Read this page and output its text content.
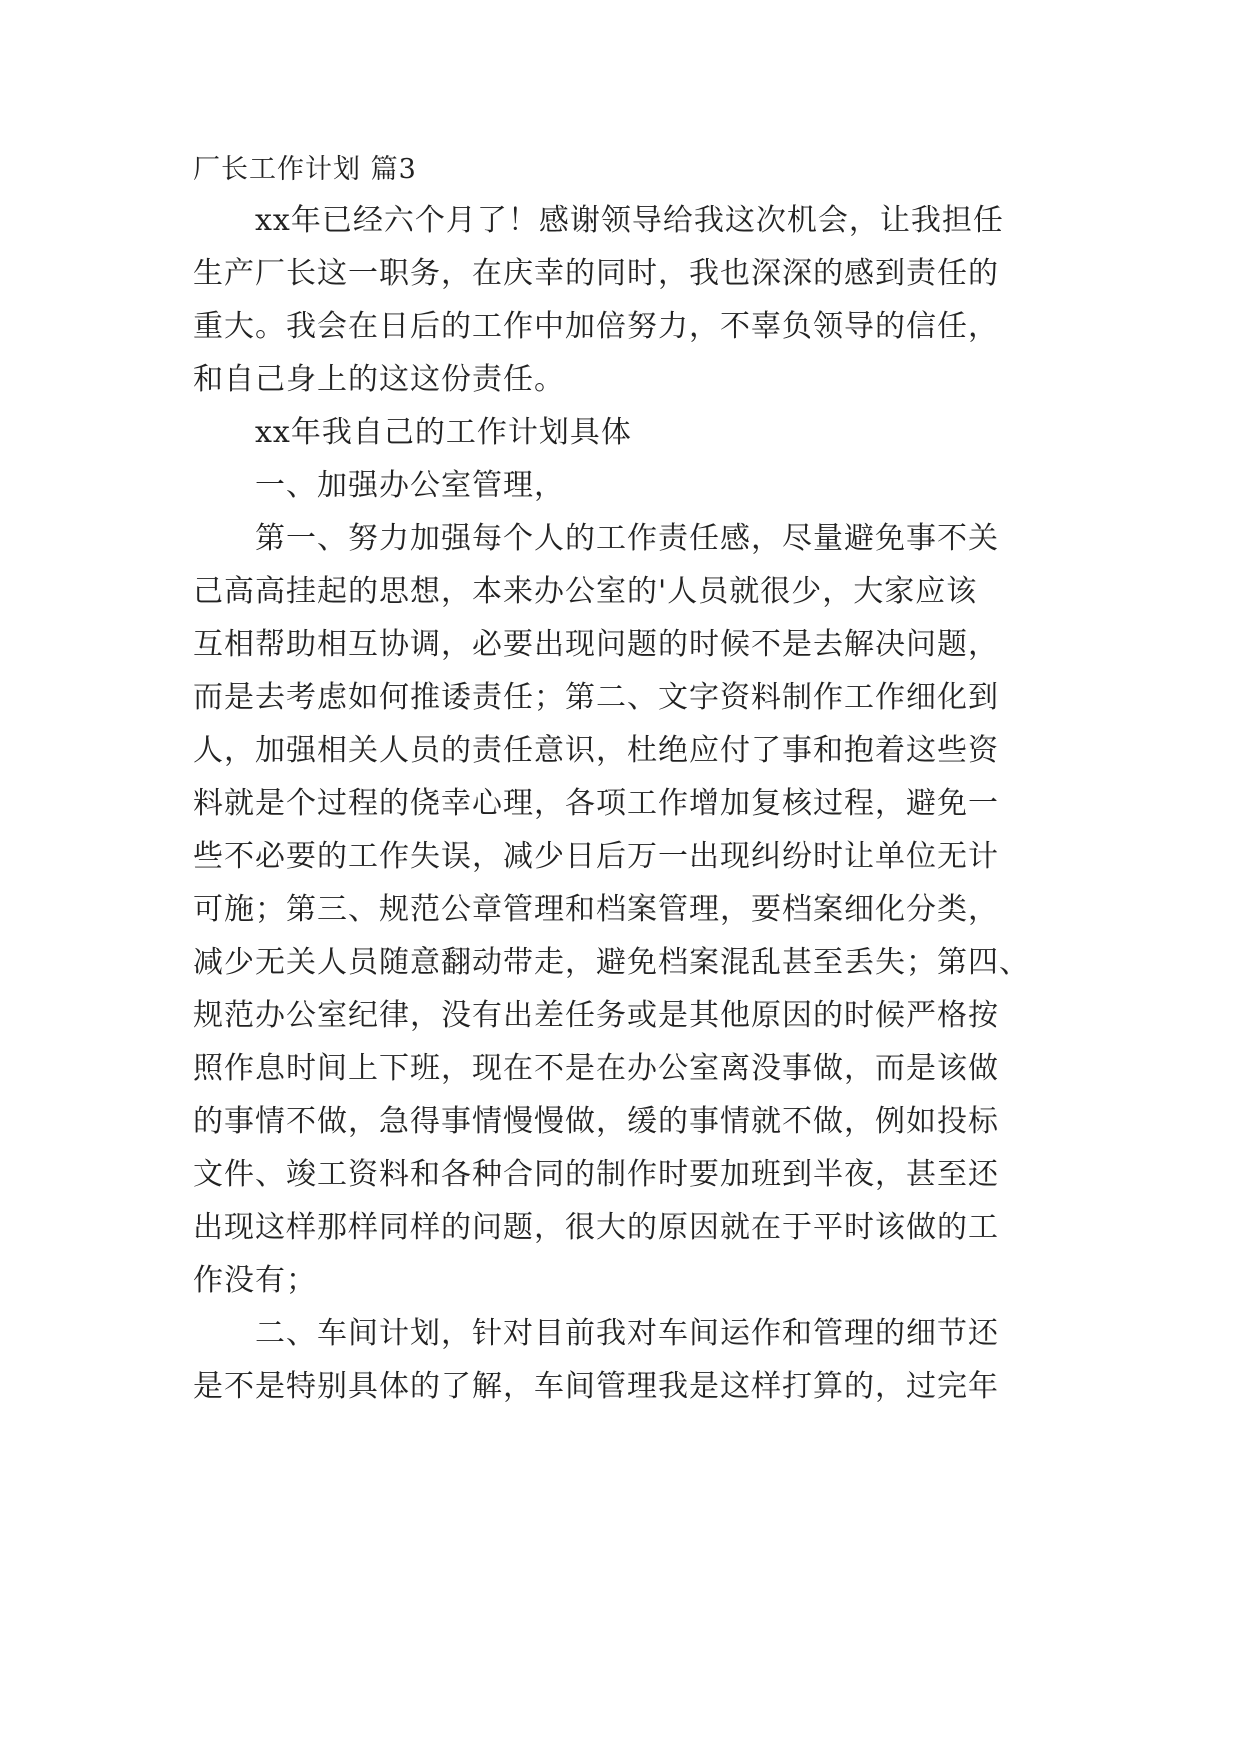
厂长工作计划 篇3
xx年已经六个月了！感谢领导给我这次机会，让我担任
生产厂长这一职务，在庆幸的同时，我也深深的感到责任的
重大。我会在日后的工作中加倍努力，不辜负领导的信任，
和自己身上的这这份责任。
xx年我自己的工作计划具体
一、加强办公室管理，
第一、努力加强每个人的工作责任感，尽量避免事不关
己高高挂起的思想，本来办公室的'人员就很少，大家应该
互相帮助相互协调，必要出现问题的时候不是去解决问题，
而是去考虑如何推诿责任；第二、文字资料制作工作细化到
人，加强相关人员的责任意识，杜绝应付了事和抱着这些资
料就是个过程的侥幸心理，各项工作增加复核过程，避免一
些不必要的工作失误，减少日后万一出现纠纷时让单位无计
可施；第三、规范公章管理和档案管理，要档案细化分类，
减少无关人员随意翻动带走，避免档案混乱甚至丢失；第四、
规范办公室纪律，没有出差任务或是其他原因的时候严格按
照作息时间上下班，现在不是在办公室离没事做，而是该做
的事情不做，急得事情慢慢做，缓的事情就不做，例如投标
文件、竣工资料和各种合同的制作时要加班到半夜，甚至还
出现这样那样同样的问题，很大的原因就在于平时该做的工
作没有；
二、车间计划，针对目前我对车间运作和管理的细节还
是不是特别具体的了解，车间管理我是这样打算的，过完年
